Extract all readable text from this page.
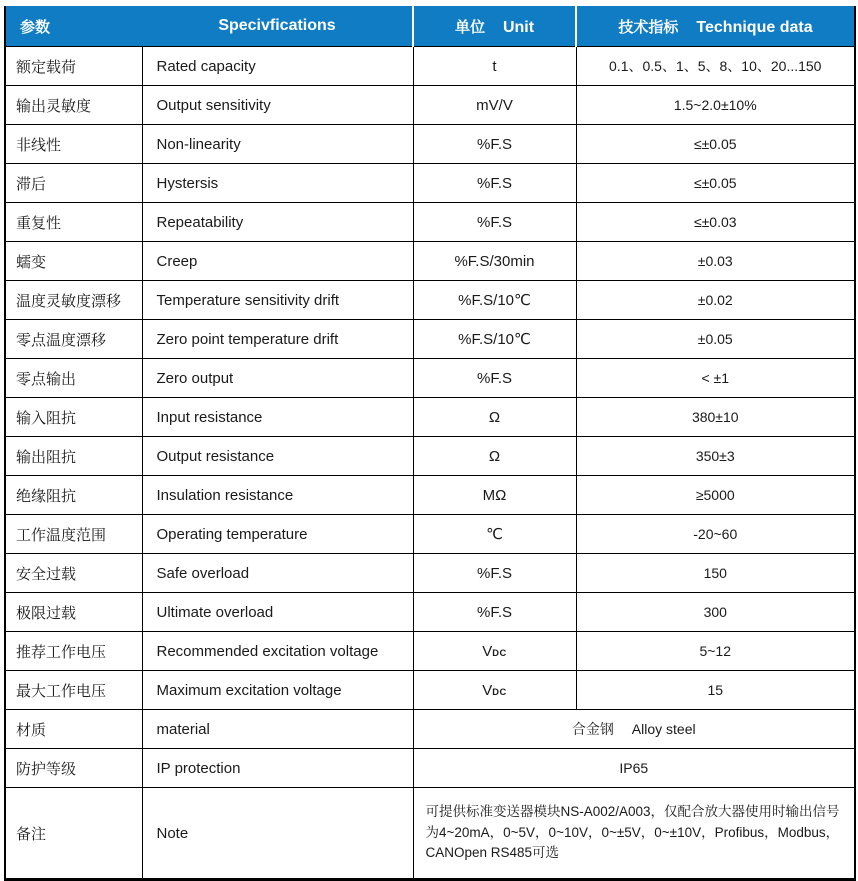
参数	Specivfications	单位 Unit	技术指标 Technique data
额定载荷	Rated capacity	t	0.1、0.5、1、5、8、10、20...150
输出灵敏度	Output sensitivity	mV/V	1.5~2.0±10%
非线性	Non-linearity	%F.S	≤±0.05
滞后	Hystersis	%F.S	≤±0.05
重复性	Repeatability	%F.S	≤±0.03
蠕变	Creep	%F.S/30min	±0.03
温度灵敏度漂移	Temperature sensitivity drift	%F.S/10℃	±0.02
零点温度漂移	Zero point temperature drift	%F.S/10℃	±0.05
零点输出	Zero output	%F.S	< ±1
输入阻抗	Input resistance	Ω	380±10
输出阻抗	Output resistance	Ω	350±3
绝缘阻抗	Insulation resistance	MΩ	≥5000
工作温度范围	Operating temperature	℃	-20~60
安全过载	Safe overload	%F.S	150
极限过载	Ultimate overload	%F.S	300
推荐工作电压	Recommended excitation voltage	VDC	5~12
最大工作电压	Maximum excitation voltage	VDC	15
材质	material	合金钢　 Alloy steel	
防护等级	IP protection	IP65	
备注	Note	可提供标准变送器模块NS-A002/A003，仅配合放大器使用时输出信号为4~20mA，0~5V，0~10V，0~±5V，0~±10V，Profibus，Modbus，CANOpen RS485可选	
